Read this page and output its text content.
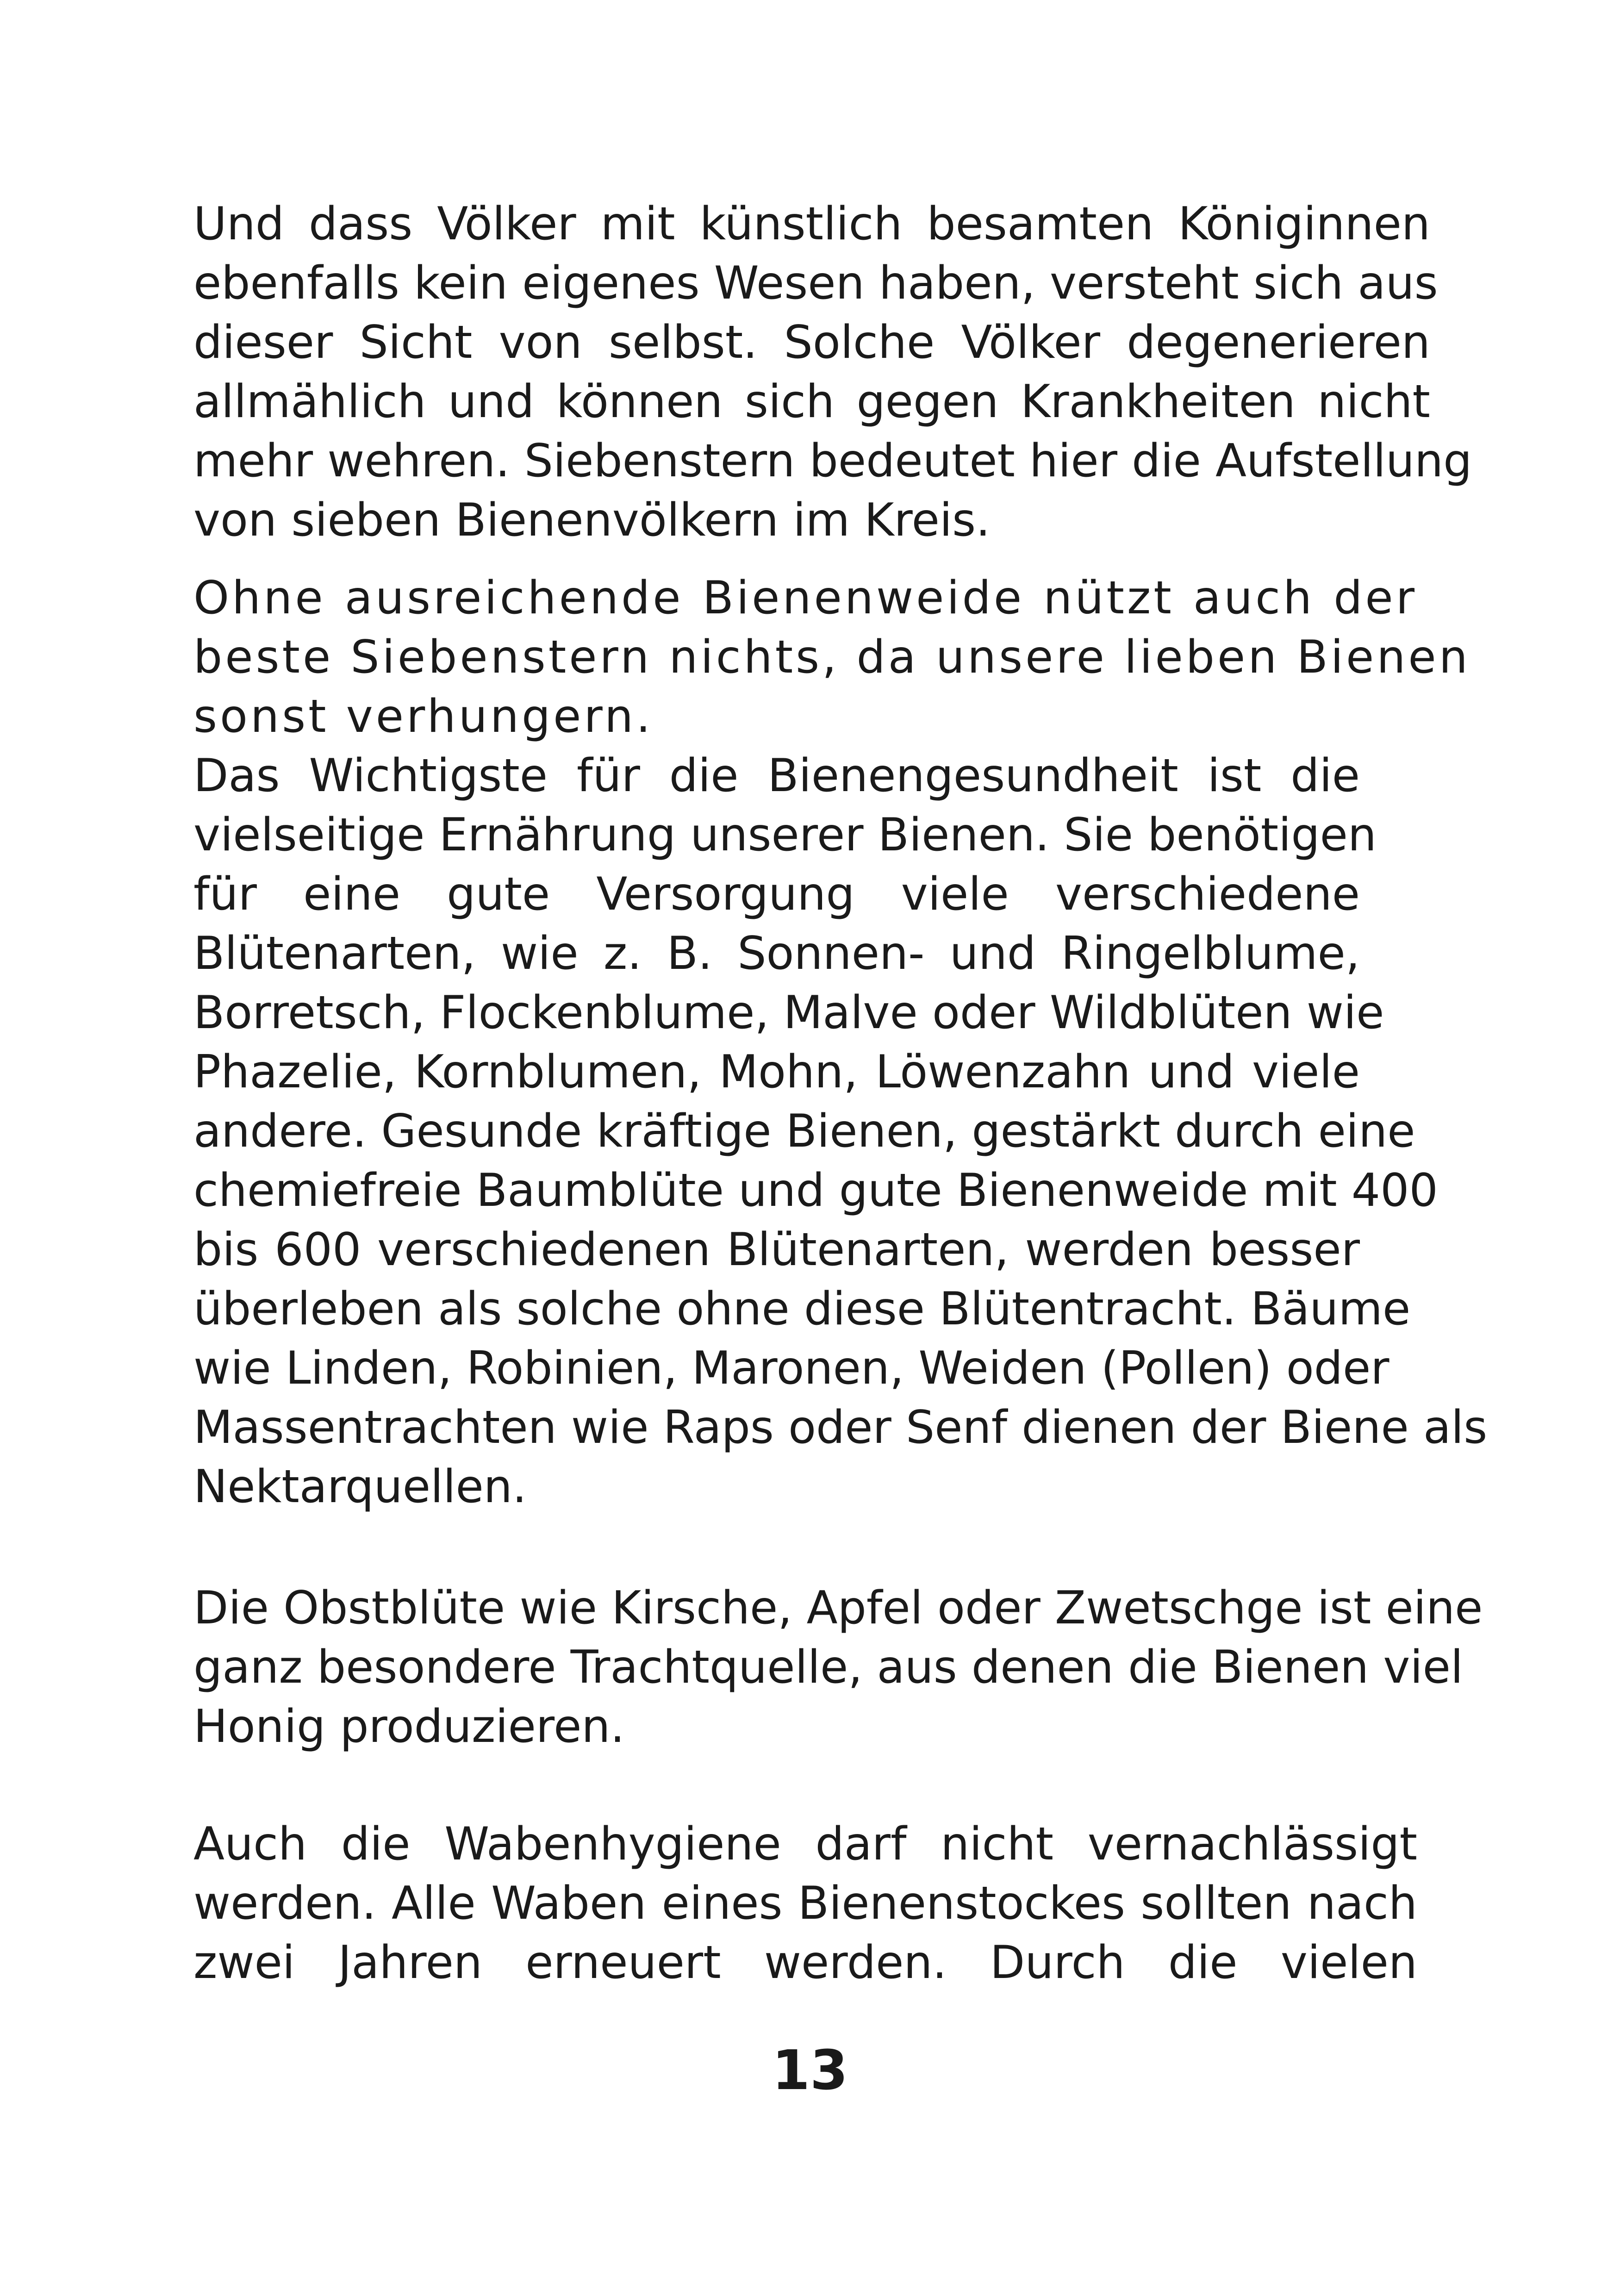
Und dass Völker mit künstlich besamten Königinnen
ebenfalls kein eigenes Wesen haben, versteht sich aus
dieser Sicht von selbst. Solche Völker degenerieren
allmählich und können sich gegen Krankheiten nicht
mehr wehren. Siebenstern bedeutet hier die Aufstellung
von sieben Bienenvölkern im Kreis.

Ohne ausreichende Bienenweide nützt auch der
beste Siebenstern nichts, da unsere lieben Bienen
sonst verhungern.

Das Wichtigste für die Bienengesundheit ist die
vielseitige Ernährung unserer Bienen. Sie benötigen
für eine gute Versorgung viele verschiedene
Blütenarten, wie z. B. Sonnen- und Ringelblume,
Borretsch, Flockenblume, Malve oder Wildblüten wie
Phazelie, Kornblumen, Mohn, Löwenzahn und viele
andere. Gesunde kräftige Bienen, gestärkt durch eine
chemiefreie Baumblüte und gute Bienenweide mit 400
bis 600 verschiedenen Blütenarten, werden besser
überleben als solche ohne diese Blütentracht. Bäume
wie Linden, Robinien, Maronen, Weiden (Pollen) oder
Massentrachten wie Raps oder Senf dienen der Biene als
Nektarquellen.

Die Obstblüte wie Kirsche, Apfel oder Zwetschge ist eine
ganz besondere Trachtquelle, aus denen die Bienen viel
Honig produzieren.

Auch die Wabenhygiene darf nicht vernachlässigt
werden. Alle Waben eines Bienenstockes sollten nach
zwei Jahren erneuert werden. Durch die vielen

13
